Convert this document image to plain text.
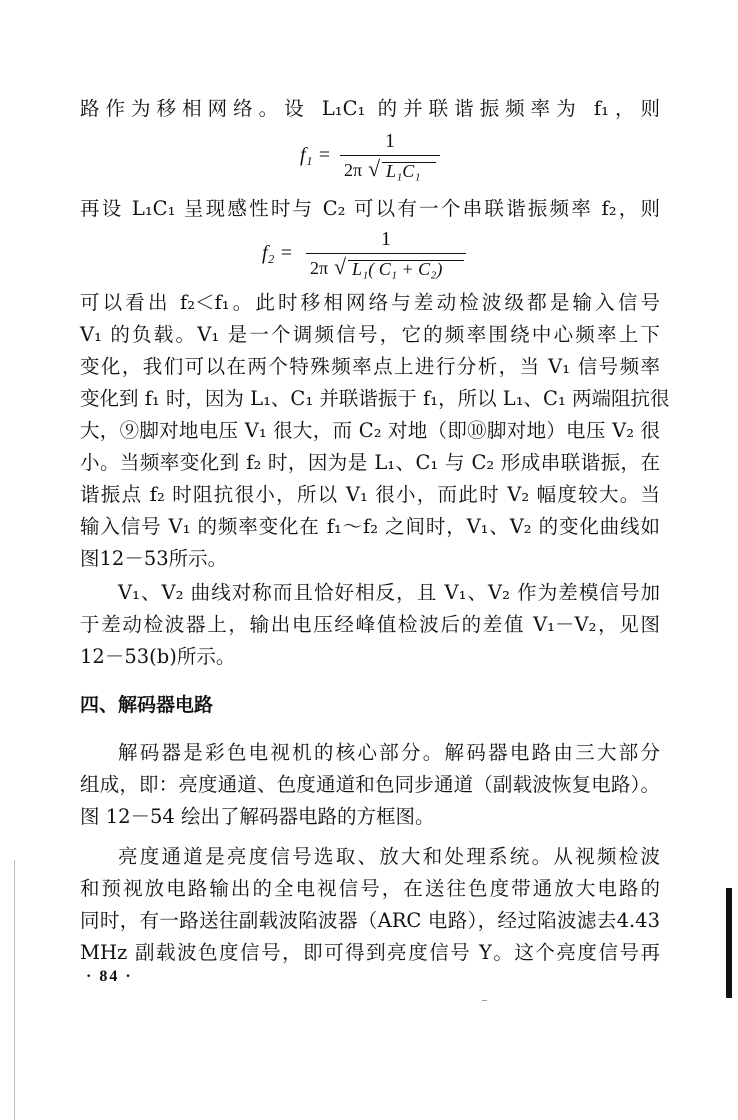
路作为移相网络。设 L₁C₁ 的并联谐振频率为 f₁，则
f₁ =
1
2π √ L₁C₁
再设 L₁C₁ 呈现感性时与 C₂ 可以有一个串联谐振频率 f₂，则
f₂ =
1
2π √ L₁( C₁ + C₂)
可以看出 f₂＜f₁。此时移相网络与差动检波级都是输入信号
V₁ 的负载。V₁ 是一个调频信号，它的频率围绕中心频率上下
变化，我们可以在两个特殊频率点上进行分析，当 V₁ 信号频率
变化到 f₁ 时，因为 L₁、C₁ 并联谐振于 f₁，所以 L₁、C₁ 两端阻抗很
大，⑨脚对地电压 V₁ 很大，而 C₂ 对地（即⑩脚对地）电压 V₂ 很
小。当频率变化到 f₂ 时，因为是 L₁、C₁ 与 C₂ 形成串联谐振，在
谐振点 f₂ 时阻抗很小，所以 V₁ 很小，而此时 V₂ 幅度较大。当
输入信号 V₁ 的频率变化在 f₁～f₂ 之间时，V₁、V₂ 的变化曲线如
图12－53所示。
V₁、V₂ 曲线对称而且恰好相反，且 V₁、V₂ 作为差模信号加
于差动检波器上，输出电压经峰值检波后的差值 V₁－V₂，见图
12－53(b)所示。
四、解码器电路
解码器是彩色电视机的核心部分。解码器电路由三大部分
组成，即：亮度通道、色度通道和色同步通道（副载波恢复电路）。
图 12－54 绘出了解码器电路的方框图。
亮度通道是亮度信号选取、放大和处理系统。从视频检波
和预视放电路输出的全电视信号，在送往色度带通放大电路的
同时，有一路送往副载波陷波器（ARC 电路），经过陷波滤去4.43
MHz 副载波色度信号，即可得到亮度信号 Y。这个亮度信号再
· 84 ·
